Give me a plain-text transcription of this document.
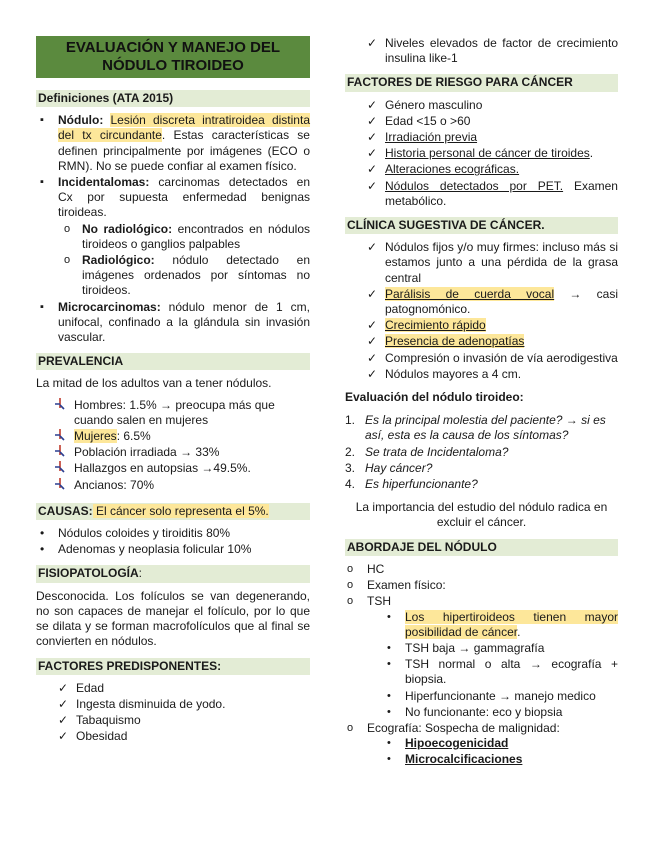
EVALUACIÓN Y MANEJO DEL NÓDULO TIROIDEO
Definiciones (ATA 2015)
▪ Nódulo: Lesión discreta intratiroidea distinta del tx circundante. Estas características se definen principalmente por imágenes (ECO o RMN). No se puede confiar al examen físico.
▪ Incidentalomas: carcinomas detectados en Cx por supuesta enfermedad benignas tiroideas.
o No radiológico: encontrados en nódulos tiroideos o ganglios palpables
o Radiológico: nódulo detectado en imágenes ordenados por síntomas no tiroideos.
▪ Microcarcinomas: nódulo menor de 1 cm, unifocal, confinado a la glándula sin invasión vascular.
PREVALENCIA
La mitad de los adultos van a tener nódulos.
Hombres: 1.5% → preocupa más que cuando salen en mujeres
Mujeres: 6.5%
Población irradiada → 33%
Hallazgos en autopsias →49.5%.
Ancianos: 70%
CAUSAS: El cáncer solo representa el 5%.
• Nódulos coloides y tiroiditis 80%
• Adenomas y neoplasia folicular 10%
FISIOPATOLOGÍA:
Desconocida. Los folículos se van degenerando, no son capaces de manejar el folículo, por lo que se dilata y se forman macrofolículos que al final se convierten en nódulos.
FACTORES PREDISPONENTES:
✓ Edad
✓ Ingesta disminuida de yodo.
✓ Tabaquismo
✓ Obesidad
✓ Niveles elevados de factor de crecimiento insulina like-1
FACTORES DE RIESGO PARA CÁNCER
✓ Género masculino
✓ Edad <15 o >60
✓ Irradiación previa
✓ Historia personal de cáncer de tiroides.
✓ Alteraciones ecográficas.
✓ Nódulos detectados por PET. Examen metabólico.
CLÍNICA SUGESTIVA DE CÁNCER.
✓ Nódulos fijos y/o muy firmes: incluso más si estamos junto a una pérdida de la grasa central
✓ Parálisis de cuerda vocal → casi patognomónico.
✓ Crecimiento rápido
✓ Presencia de adenopatías
✓ Compresión o invasión de vía aerodigestiva
✓ Nódulos mayores a 4 cm.
Evaluación del nódulo tiroideo:
1. Es la principal molestia del paciente? → si es así, esta es la causa de los síntomas?
2. Se trata de Incidentaloma?
3. Hay cáncer?
4. Es hiperfuncionante?
La importancia del estudio del nódulo radica en excluir el cáncer.
ABORDAJE DEL NÓDULO
o HC
o Examen físico:
o TSH
• Los hipertiroideos tienen mayor posibilidad de cáncer.
• TSH baja → gammagrafía
• TSH normal o alta → ecografía + biopsia.
• Hiperfuncionante → manejo medico
• No funcionante: eco y biopsia
o Ecografía: Sospecha de malignidad:
• Hipoecogenicidad
• Microcalcificaciones
